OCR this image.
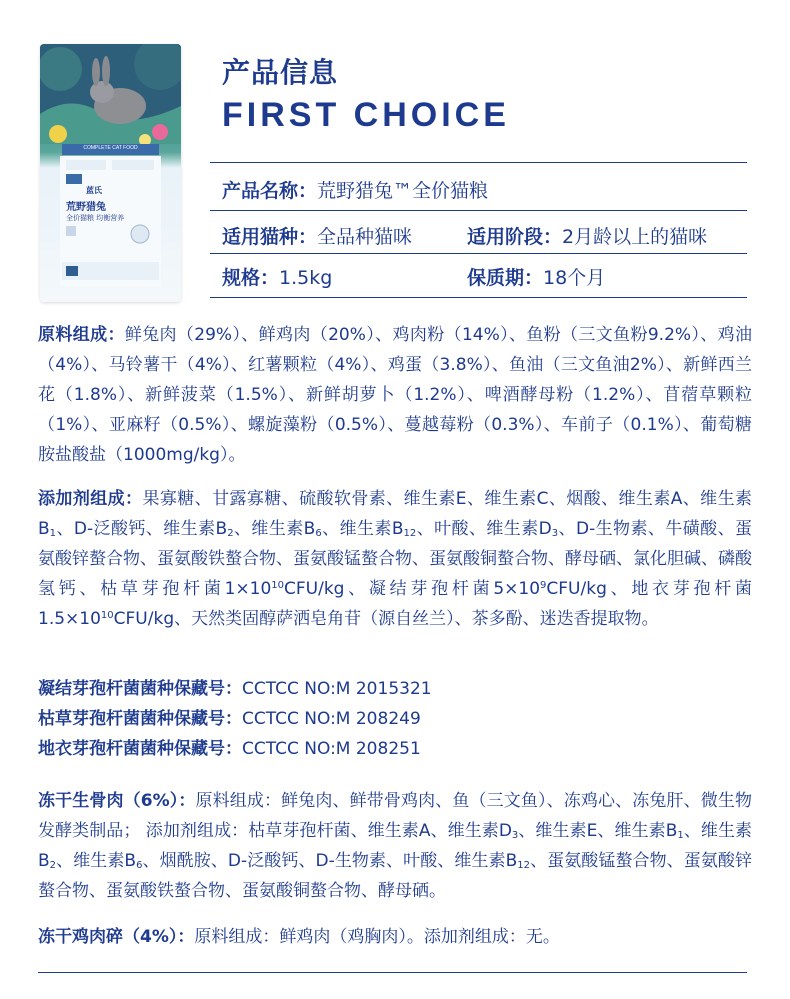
COMPLETE CAT FOOD
蓝氏
荒野猎兔
全价猫粮 均衡营养
产品信息
FIRST CHOICE
产品名称：荒野猎兔™全价猫粮
适用猫种：全品种猫咪	适用阶段：2月龄以上的猫咪
规格：1.5kg	保质期：18个月
原料组成：鲜兔肉（29%）、鲜鸡肉（20%）、鸡肉粉（14%）、鱼粉（三文鱼粉9.2%）、鸡油（4%）、马铃薯干（4%）、红薯颗粒（4%）、鸡蛋（3.8%）、鱼油（三文鱼油2%）、新鲜西兰花（1.8%）、新鲜菠菜（1.5%）、新鲜胡萝卜（1.2%）、啤酒酵母粉（1.2%）、苜蓿草颗粒（1%）、亚麻籽（0.5%）、螺旋藻粉（0.5%）、蔓越莓粉（0.3%）、车前子（0.1%）、葡萄糖胺盐酸盐（1000mg/kg）。
添加剂组成：果寡糖、甘露寡糖、硫酸软骨素、维生素E、维生素C、烟酸、维生素A、维生素$B_1$、D-泛酸钙、维生素$B_2$、维生素$B_6$、维生素$B_{12}$、叶酸、维生素$D_3$、D-生物素、牛磺酸、蛋氨酸锌螯合物、蛋氨酸铁螯合物、蛋氨酸锰螯合物、蛋氨酸铜螯合物、酵母硒、氯化胆碱、磷酸氢钙、枯草芽孢杆菌$1\times 10^{10}CFU/kg$、凝结芽孢杆菌$5\times 10^9CFU/kg$、地衣芽孢杆菌$1.5\times 10^{10}CFU/kg$、天然类固醇萨洒皂角苷（源自丝兰）、茶多酚、迷迭香提取物。
凝结芽孢杆菌菌种保藏号：CCTCC NO:M 2015321
枯草芽孢杆菌菌种保藏号：CCTCC NO:M 208249
地衣芽孢杆菌菌种保藏号：CCTCC NO:M 208251
冻干生骨肉（6%）：原料组成：鲜兔肉、鲜带骨鸡肉、鱼（三文鱼）、冻鸡心、冻兔肝、微生物发酵类制品； 添加剂组成：枯草芽孢杆菌、维生素A、维生素$D_3$、维生素E、维生素$B_1$、维生素$B_2$、维生素$B_6$、烟酰胺、D-泛酸钙、D-生物素、叶酸、维生素$B_{12}$、蛋氨酸锰螯合物、蛋氨酸锌螯合物、蛋氨酸铁螯合物、蛋氨酸铜螯合物、酵母硒。
冻干鸡肉碎（4%）：原料组成：鲜鸡肉（鸡胸肉）。添加剂组成：无。
